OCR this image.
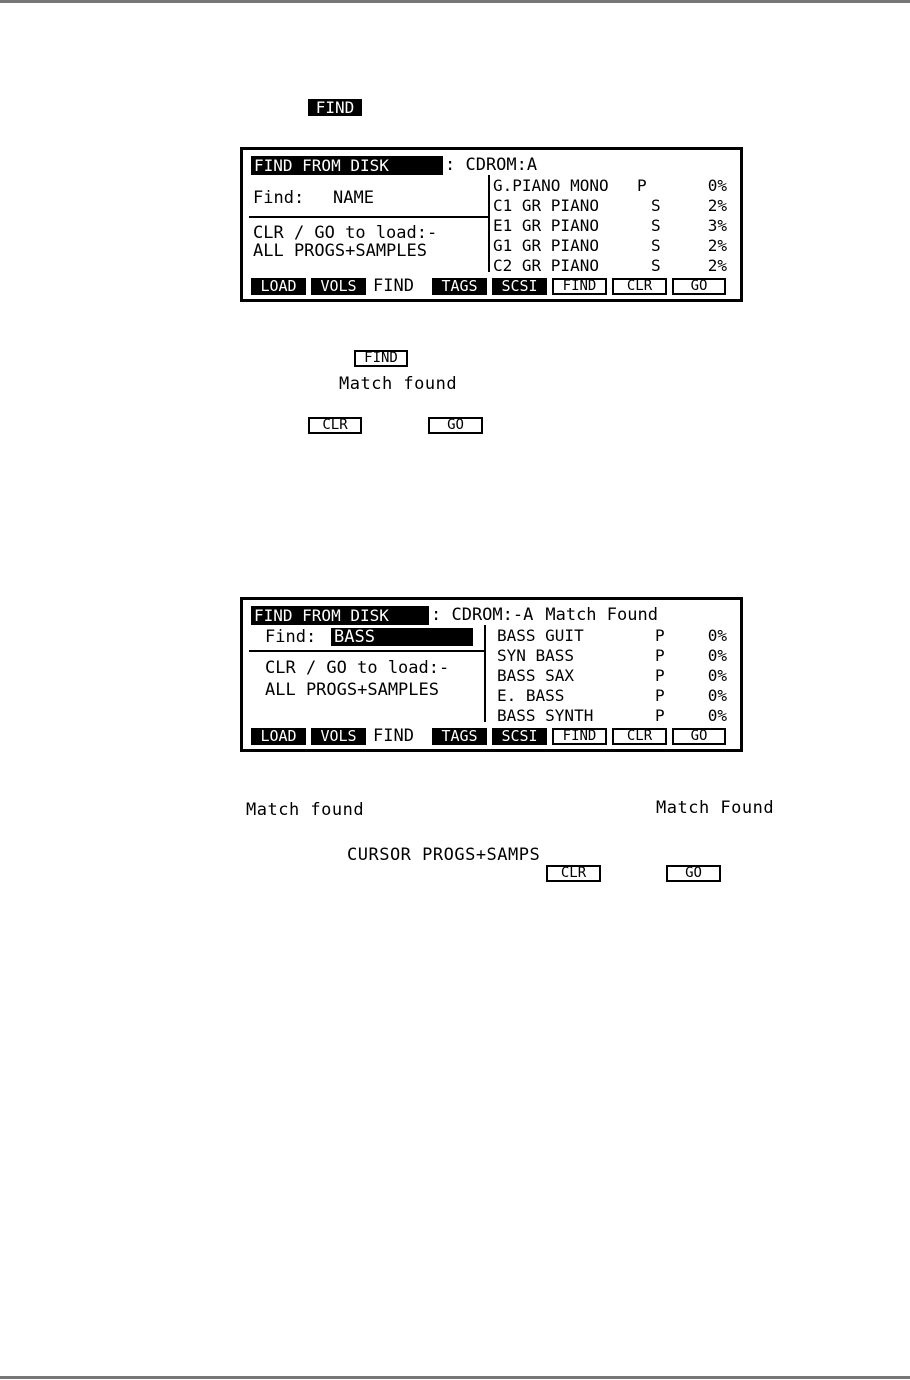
FIND
FIND FROM DISK	: CDROM:A
Find: NAME
CLR / GO to load:-
ALL PROGS+SAMPLES
G.PIANO MONO P	0%
C1 GR PIANO	S	2%
E1 GR PIANO	S	3%
G1 GR PIANO	S	2%
C2 GR PIANO	S	2%
LOAD	VOLS FIND	TAGS	SCSI	FIND	CLR	GO
FIND
Match found
CLR	GO
FIND FROM DISK	: CDROM:-A Match Found
Find: BASS
CLR / GO to load:-
ALL PROGS+SAMPLES
BASS GUIT	P	0%
SYN BASS	P	0%
BASS SAX	P	0%
E. BASS	P	0%
BASS SYNTH	P	0%
LOAD	VOLS FIND	TAGS	SCSI	FIND	CLR	GO
Match found	Match Found
CURSOR PROGS+SAMPS
CLR	GO
